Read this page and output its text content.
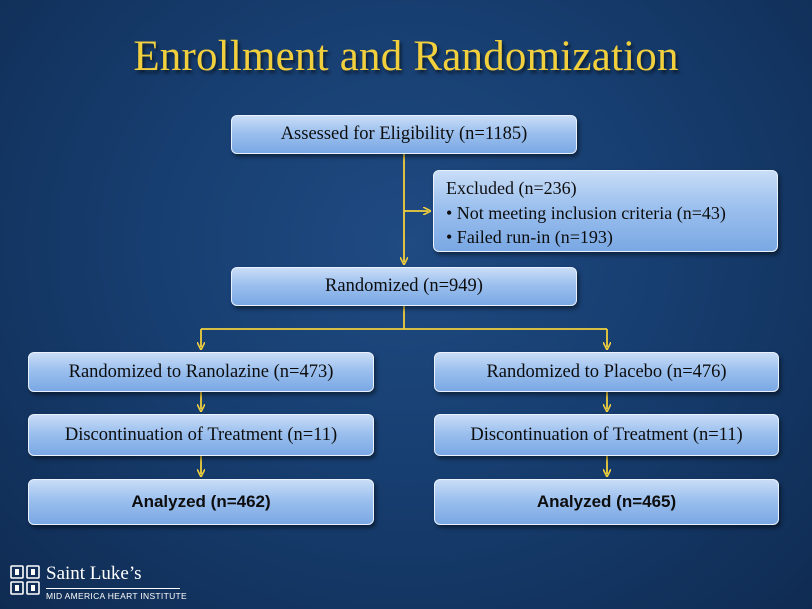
Enrollment and Randomization
Assessed for Eligibility (n=1185)
Excluded (n=236)
• Not meeting inclusion criteria (n=43)
• Failed run-in (n=193)
Randomized (n=949)
Randomized to Ranolazine (n=473)	Randomized to Placebo (n=476)
Discontinuation of Treatment (n=11)	Discontinuation of Treatment (n=11)
Analyzed (n=462)	Analyzed (n=465)
Saint Luke’s
MID AMERICA HEART INSTITUTE
